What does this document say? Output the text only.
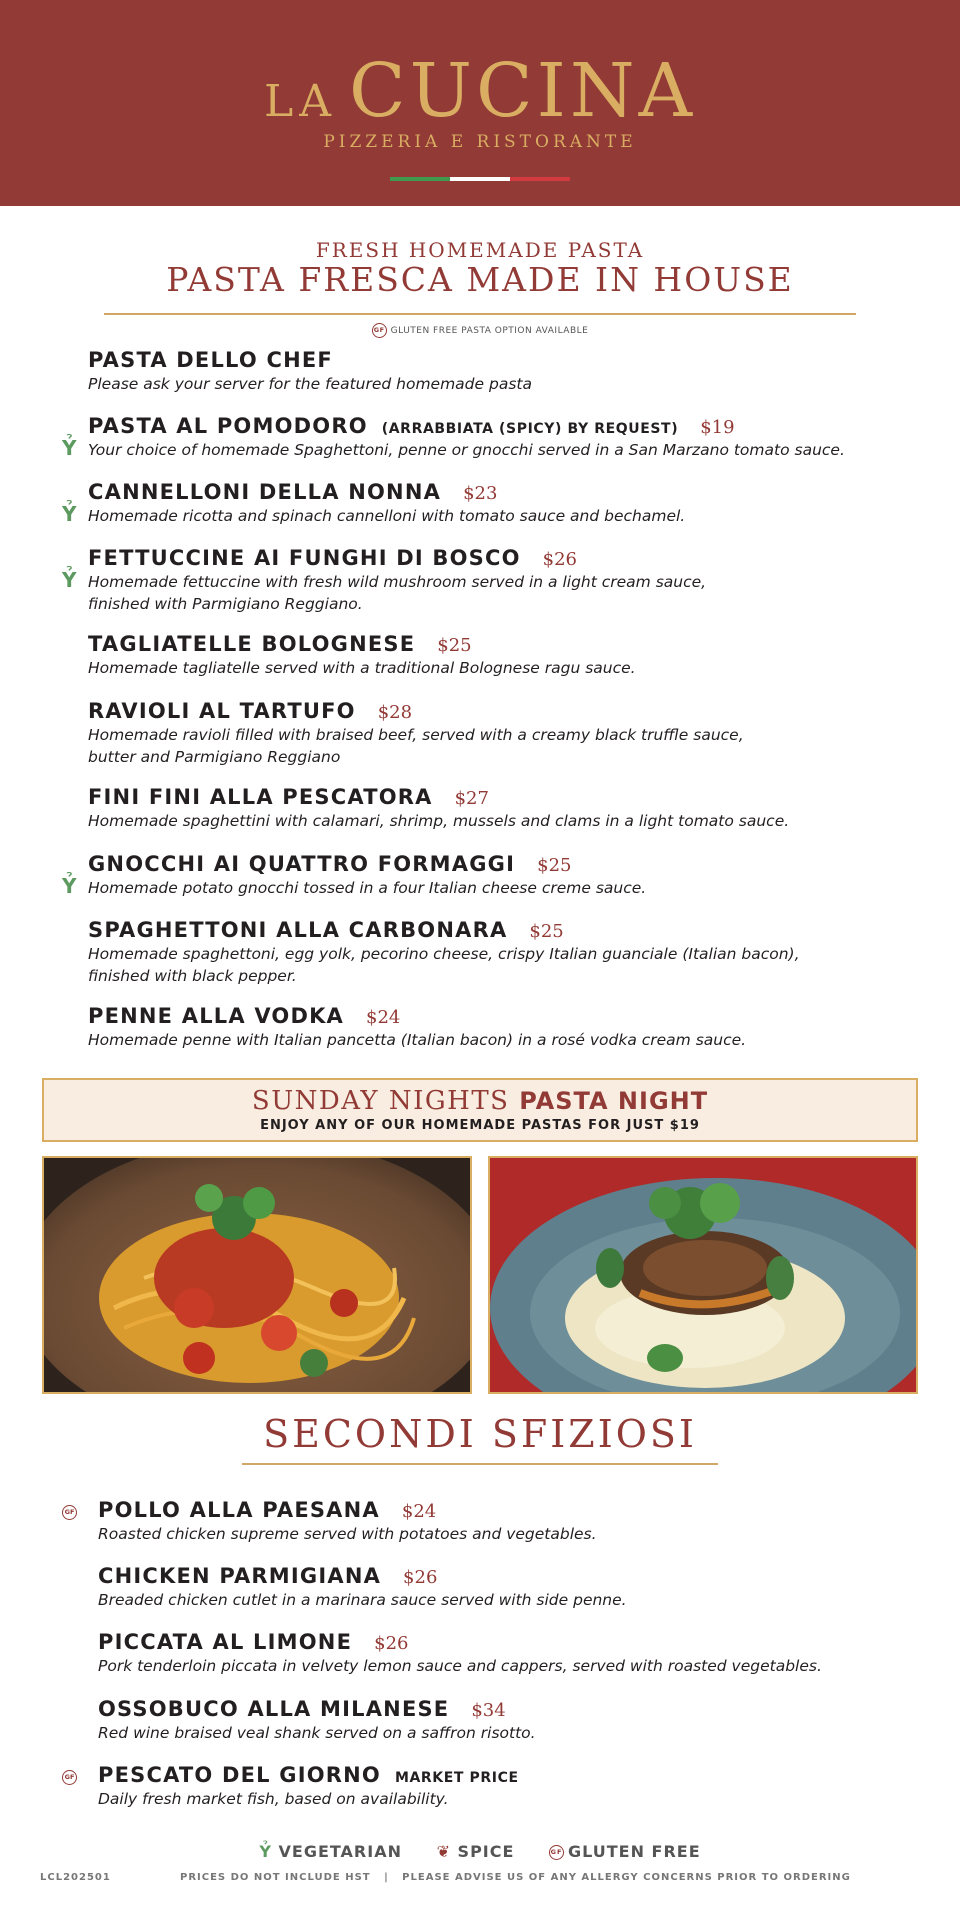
LA CUCINA
PIZZERIA E RISTORANTE
FRESH HOMEMADE PASTA
PASTA FRESCA MADE IN HOUSE
GF GLUTEN FREE PASTA OPTION AVAILABLE
PASTA DELLO CHEF
Please ask your server for the featured homemade pasta
PASTA AL POMODORO (ARRABBIATA (SPICY) BY REQUEST) $19
Your choice of homemade Spaghettoni, penne or gnocchi served in a San Marzano tomato sauce.
Ỷ
CANNELLONI DELLA NONNA $23
Homemade ricotta and spinach cannelloni with tomato sauce and bechamel.
Ỷ
FETTUCCINE AI FUNGHI DI BOSCO $26
Homemade fettuccine with fresh wild mushroom served in a light cream sauce,
finished with Parmigiano Reggiano.
Ỷ
TAGLIATELLE BOLOGNESE $25
Homemade tagliatelle served with a traditional Bolognese ragu sauce.
RAVIOLI AL TARTUFO $28
Homemade ravioli filled with braised beef, served with a creamy black truffle sauce,
butter and Parmigiano Reggiano
FINI FINI ALLA PESCATORA $27
Homemade spaghettini with calamari, shrimp, mussels and clams in a light tomato sauce.
GNOCCHI AI QUATTRO FORMAGGI $25
Homemade potato gnocchi tossed in a four Italian cheese creme sauce.
Ỷ
SPAGHETTONI ALLA CARBONARA $25
Homemade spaghettoni, egg yolk, pecorino cheese, crispy Italian guanciale (Italian bacon),
finished with black pepper.
PENNE ALLA VODKA $24
Homemade penne with Italian pancetta (Italian bacon) in a rosé vodka cream sauce.
SUNDAY NIGHTS PASTA NIGHT
ENJOY ANY OF OUR HOMEMADE PASTAS FOR JUST $19
SECONDI SFIZIOSI
POLLO ALLA PAESANA $24
Roasted chicken supreme served with potatoes and vegetables.
GF
CHICKEN PARMIGIANA $26
Breaded chicken cutlet in a marinara sauce served with side penne.
PICCATA AL LIMONE $26
Pork tenderloin piccata in velvety lemon sauce and cappers, served with roasted vegetables.
OSSOBUCO ALLA MILANESE $34
Red wine braised veal shank served on a saffron risotto.
PESCATO DEL GIORNO MARKET PRICE
Daily fresh market fish, based on availability.
GF
Ỷ VEGETARIAN ❦ SPICE	GF GLUTEN FREE
LCL202501	PRICES DO NOT INCLUDE HST   |   PLEASE ADVISE US OF ANY ALLERGY CONCERNS PRIOR TO ORDERING
